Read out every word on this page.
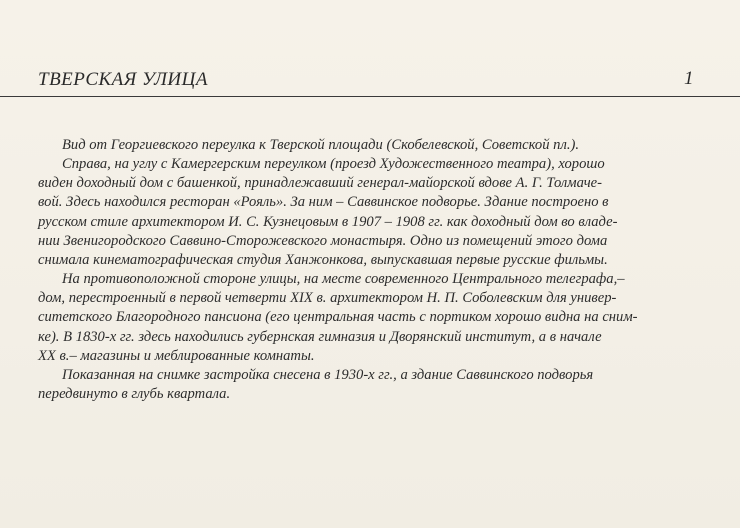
ТВЕРСКАЯ УЛИЦА	1
Вид от Георгиевского переулка к Тверской площади (Скобелевской, Советской пл.).
Справа, на углу с Камергерским переулком (проезд Художественного театра), хорошо
виден доходный дом с башенкой, принадлежавший генерал-майорской вдове А. Г. Толмаче-
вой. Здесь находился ресторан «Рояль». За ним – Саввинское подворье. Здание построено в
русском стиле архитектором И. С. Кузнецовым в 1907 – 1908 гг. как доходный дом во владе-
нии Звенигородского Саввино-Сторожевского монастыря. Одно из помещений этого дома
снимала кинематографическая студия Ханжонкова, выпускавшая первые русские фильмы.
На противоположной стороне улицы, на месте современного Центрального телеграфа,–
дом, перестроенный в первой четверти XIX в. архитектором Н. П. Соболевским для универ-
ситетского Благородного пансиона (его центральная часть с портиком хорошо видна на сним-
ке). В 1830-х гг. здесь находились губернская гимназия и Дворянский институт, а в начале
XX в.– магазины и меблированные комнаты.
Показанная на снимке застройка снесена в 1930-х гг., а здание Саввинского подворья
передвинуто в глубь квартала.
